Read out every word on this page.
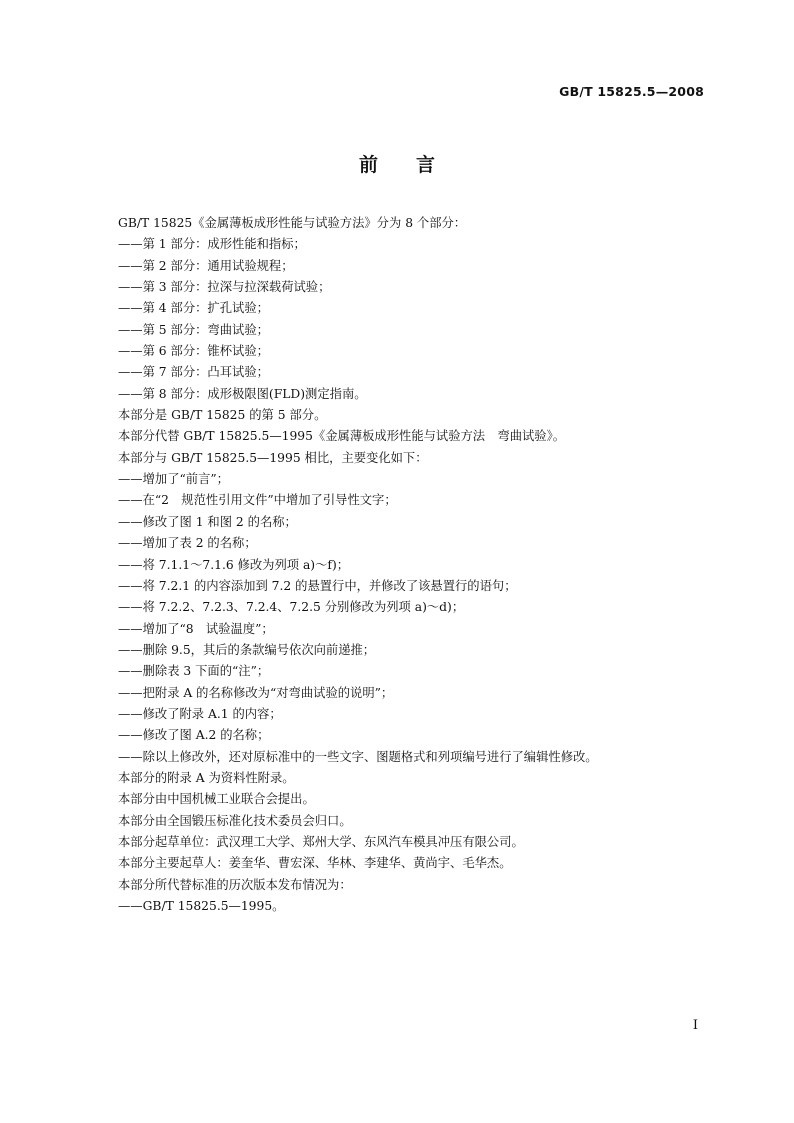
GB/T 15825.5—2008
前言
GB/T 15825《金属薄板成形性能与试验方法》分为 8 个部分：
——第 1 部分：成形性能和指标；
——第 2 部分：通用试验规程；
——第 3 部分：拉深与拉深载荷试验；
——第 4 部分：扩孔试验；
——第 5 部分：弯曲试验；
——第 6 部分：锥杯试验；
——第 7 部分：凸耳试验；
——第 8 部分：成形极限图(FLD)测定指南。
本部分是 GB/T 15825 的第 5 部分。
本部分代替 GB/T 15825.5—1995《金属薄板成形性能与试验方法　弯曲试验》。
本部分与 GB/T 15825.5—1995 相比，主要变化如下：
——增加了“前言”；
——在“2　规范性引用文件”中增加了引导性文字；
——修改了图 1 和图 2 的名称；
——增加了表 2 的名称；
——将 7.1.1～7.1.6 修改为列项 a)～f)；
——将 7.2.1 的内容添加到 7.2 的悬置行中，并修改了该悬置行的语句；
——将 7.2.2、7.2.3、7.2.4、7.2.5 分别修改为列项 a)～d)；
——增加了“8　试验温度”；
——删除 9.5，其后的条款编号依次向前递推；
——删除表 3 下面的“注”；
——把附录 A 的名称修改为“对弯曲试验的说明”；
——修改了附录 A.1 的内容；
——修改了图 A.2 的名称；
——除以上修改外，还对原标准中的一些文字、图题格式和列项编号进行了编辑性修改。
本部分的附录 A 为资料性附录。
本部分由中国机械工业联合会提出。
本部分由全国锻压标准化技术委员会归口。
本部分起草单位：武汉理工大学、郑州大学、东风汽车模具冲压有限公司。
本部分主要起草人：姜奎华、曹宏深、华林、李建华、黄尚宇、毛华杰。
本部分所代替标准的历次版本发布情况为：
——GB/T 15825.5—1995。
I
